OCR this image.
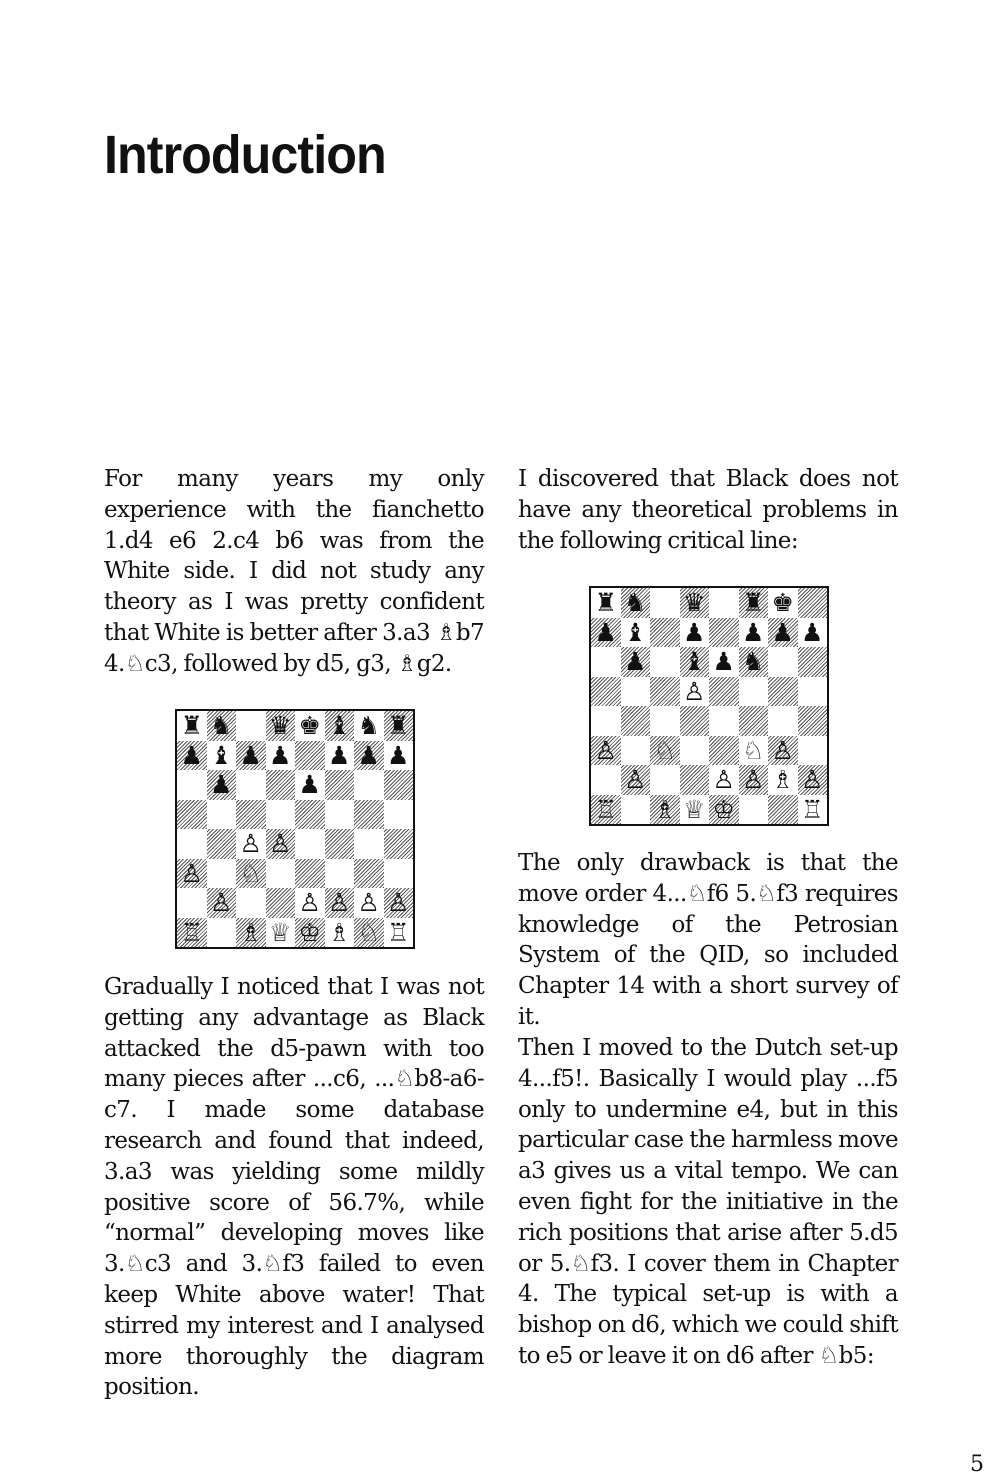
Introduction

For many years my only experience with the fianchetto 1.d4 e6 2.c4 b6 was from the White side. I did not study any theory as I was pretty confident that White is better after 3.a3 ♗b7 4.♘c3, followed by d5, g3, ♗g2.

♜ ♞ ♛ ♚ ♝ ♞ ♜
♟ ♝ ♟ ♟ ♟ ♟ ♟
♟	♟
♙ ♙
♙ ♘
♙	♙ ♙ ♙ ♙
♖ ♗ ♕ ♔ ♗ ♘ ♖

Gradually I noticed that I was not getting any advantage as Black attacked the d5-pawn with too many pieces after ...c6, ...♘b8-a6-c7. I made some database research and found that indeed, 3.a3 was yielding some mildly positive score of 56.7%, while “normal” developing moves like 3.♘c3 and 3.♘f3 failed to even keep White above water! That stirred my interest and I analysed more thoroughly the diagram position.

I discovered that Black does not have any theoretical problems in the following critical line:

♜ ♞ ♛ ♜ ♚
♟ ♝ ♟ ♟ ♟ ♟
♟ ♝ ♟ ♞
♙
♙ ♘	♘ ♙
♙	♙ ♙ ♗ ♙
♖ ♗ ♕ ♔	♖

The only drawback is that the move order 4...♘f6 5.♘f3 requires knowledge of the Petrosian System of the QID, so included Chapter 14 with a short survey of it.

Then I moved to the Dutch set-up 4...f5!. Basically I would play ...f5 only to undermine e4, but in this particular case the harmless move a3 gives us a vital tempo. We can even fight for the initiative in the rich positions that arise after 5.d5 or 5.♘f3. I cover them in Chapter 4. The typical set-up is with a bishop on d6, which we could shift to e5 or leave it on d6 after ♘b5:

5
